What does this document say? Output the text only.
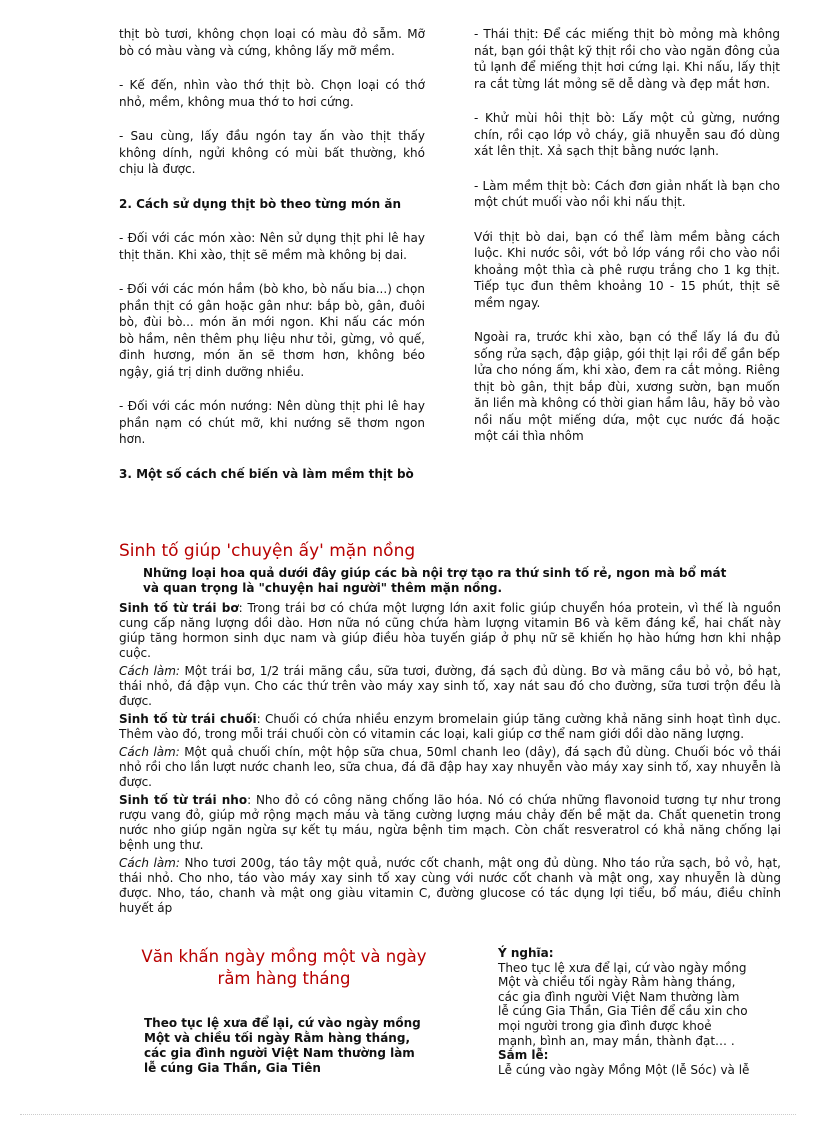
thịt bò tươi, không chọn loại có màu đỏ sẫm. Mỡ bò có màu vàng và cứng, không lấy mỡ mềm.

- Kế đến, nhìn vào thớ thịt bò. Chọn loại có thớ nhỏ, mềm, không mua thớ to hơi cứng.

- Sau cùng, lấy đầu ngón tay ấn vào thịt thấy không dính, ngửi không có mùi bất thường, khó chịu là được.

2. Cách sử dụng thịt bò theo từng món ăn

- Đối với các món xào: Nên sử dụng thịt phi lê hay thịt thăn. Khi xào, thịt sẽ mềm mà không bị dai.

- Đối với các món hầm (bò kho, bò nấu bia...) chọn phần thịt có gân hoặc gân như: bắp bò, gân, đuôi bò, đùi bò... món ăn mới ngon. Khi nấu các món bò hầm, nên thêm phụ liệu như tỏi, gừng, vỏ quế, đinh hương, món ăn sẽ thơm hơn, không béo ngậy, giá trị dinh dưỡng nhiều.

- Đối với các món nướng: Nên dùng thịt phi lê hay phần nạm có chút mỡ, khi nướng sẽ thơm ngon hơn.

3. Một số cách chế biến và làm mềm thịt bò

- Thái thịt: Để các miếng thịt bò mỏng mà không nát, bạn gói thật kỹ thịt rồi cho vào ngăn đông của tủ lạnh để miếng thịt hơi cứng lại. Khi nấu, lấy thịt ra cắt từng lát mỏng sẽ dễ dàng và đẹp mắt hơn.

- Khử mùi hôi thịt bò: Lấy một củ gừng, nướng chín, rồi cạo lớp vỏ cháy, giã nhuyễn sau đó dùng xát lên thịt. Xả sạch thịt bằng nước lạnh.

- Làm mềm thịt bò: Cách đơn giản nhất là bạn cho một chút muối vào nồi khi nấu thịt.

Với thịt bò dai, bạn có thể làm mềm bằng cách luộc. Khi nước sôi, vớt bỏ lớp váng rồi cho vào nồi khoảng một thìa cà phê rượu trắng cho 1 kg thịt. Tiếp tục đun thêm khoảng 10 - 15 phút, thịt sẽ mềm ngay.

Ngoài ra, trước khi xào, bạn có thể lấy lá đu đủ sống rửa sạch, đập giập, gói thịt lại rồi để gần bếp lửa cho nóng ấm, khi xào, đem ra cắt mỏng. Riêng thịt bò gân, thịt bắp đùi, xương sườn, bạn muốn ăn liền mà không có thời gian hầm lâu, hãy bỏ vào nồi nấu một miếng dứa, một cục nước đá hoặc một cái thìa nhôm

Sinh tố giúp 'chuyện ấy' mặn nồng
Những loại hoa quả dưới đây giúp các bà nội trợ tạo ra thứ sinh tố rẻ, ngon mà bổ mát và quan trọng là "chuyện hai người" thêm mặn nồng.

Sinh tố từ trái bơ: Trong trái bơ có chứa một lượng lớn axit folic giúp chuyển hóa protein, vì thế là nguồn cung cấp năng lượng dồi dào. Hơn nữa nó cũng chứa hàm lượng vitamin B6 và kẽm đáng kể, hai chất này giúp tăng hormon sinh dục nam và giúp điều hòa tuyến giáp ở phụ nữ sẽ khiến họ hào hứng hơn khi nhập cuộc.

Cách làm: Một trái bơ, 1/2 trái mãng cầu, sữa tươi, đường, đá sạch đủ dùng. Bơ và mãng cầu bỏ vỏ, bỏ hạt, thái nhỏ, đá đập vụn. Cho các thứ trên vào máy xay sinh tố, xay nát sau đó cho đường, sữa tươi trộn đều là được.

Sinh tố từ trái chuối: Chuối có chứa nhiều enzym bromelain giúp tăng cường khả năng sinh hoạt tình dục. Thêm vào đó, trong mỗi trái chuối còn có vitamin các loại, kali giúp cơ thể nam giới dồi dào năng lượng.

Cách làm: Một quả chuối chín, một hộp sữa chua, 50ml chanh leo (dây), đá sạch đủ dùng. Chuối bóc vỏ thái nhỏ rồi cho lần lượt nước chanh leo, sữa chua, đá đã đập hay xay nhuyễn vào máy xay sinh tố, xay nhuyễn là được.

Sinh tố từ trái nho: Nho đỏ có công năng chống lão hóa. Nó có chứa những flavonoid tương tự như trong rượu vang đỏ, giúp mở rộng mạch máu và tăng cường lượng máu chảy đến bề mặt da. Chất quenetin trong nước nho giúp ngăn ngừa sự kết tụ máu, ngừa bệnh tim mạch. Còn chất resveratrol có khả năng chống lại bệnh ung thư.

Cách làm: Nho tươi 200g, táo tây một quả, nước cốt chanh, mật ong đủ dùng. Nho táo rửa sạch, bỏ vỏ, hạt, thái nhỏ. Cho nho, táo vào máy xay sinh tố xay cùng với nước cốt chanh và mật ong, xay nhuyễn là dùng được. Nho, táo, chanh và mật ong giàu vitamin C, đường glucose có tác dụng lợi tiểu, bổ máu, điều chỉnh huyết áp

Văn khấn ngày mồng một và ngày
rằm hàng tháng
Theo tục lệ xưa để lại, cứ vào ngày mồng Một và chiều tối ngày Rằm hàng tháng, các gia đình người Việt Nam thường làm lễ cúng Gia Thần, Gia Tiên
Ý nghĩa:

Theo tục lệ xưa để lại, cứ vào ngày mồng Một và chiều tối ngày Rằm hàng tháng, các gia đình người Việt Nam thường làm lễ cúng Gia Thần, Gia Tiên để cầu xin cho mọi người trong gia đình được khoẻ mạnh, bình an, may mắn, thành đạt… .

Sắm lễ:

Lễ cúng vào ngày Mồng Một (lễ Sóc) và lễ
